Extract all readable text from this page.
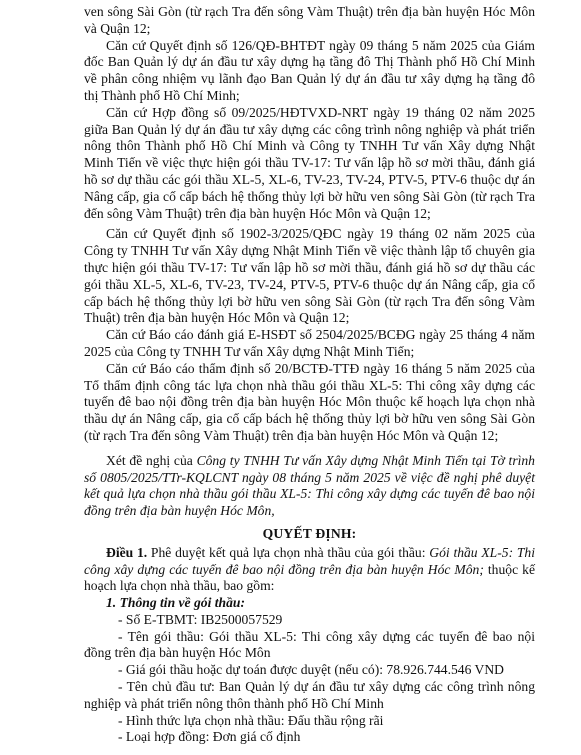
ven sông Sài Gòn (từ rạch Tra đến sông Vàm Thuật) trên địa bàn huyện Hóc Môn và Quận 12;

Căn cứ Quyết định số 126/QĐ-BHTĐT ngày 09 tháng 5 năm 2025 của Giám đốc Ban Quản lý dự án đầu tư xây dựng hạ tầng đô Thị Thành phố Hồ Chí Minh về phân công nhiệm vụ lãnh đạo Ban Quản lý dự án đầu tư xây dựng hạ tầng đô thị Thành phố Hồ Chí Minh;

Căn cứ Hợp đồng số 09/2025/HĐTVXD-NRT ngày 19 tháng 02 năm 2025 giữa Ban Quản lý dự án đầu tư xây dựng các công trình nông nghiệp và phát triển nông thôn Thành phố Hồ Chí Minh và Công ty TNHH Tư vấn Xây dựng Nhật Minh Tiến về việc thực hiện gói thầu TV-17: Tư vấn lập hồ sơ mời thầu, đánh giá hồ sơ dự thầu các gói thầu XL-5, XL-6, TV-23, TV-24, PTV-5, PTV-6 thuộc dự án Nâng cấp, gia cố cấp bách hệ thống thủy lợi bờ hữu ven sông Sài Gòn (từ rạch Tra đến sông Vàm Thuật) trên địa bàn huyện Hóc Môn và Quận 12;

Căn cứ Quyết định số 1902-3/2025/QĐC ngày 19 tháng 02 năm 2025 của Công ty TNHH Tư vấn Xây dựng Nhật Minh Tiến về việc thành lập tổ chuyên gia thực hiện gói thầu TV-17: Tư vấn lập hồ sơ mời thầu, đánh giá hồ sơ dự thầu các gói thầu XL-5, XL-6, TV-23, TV-24, PTV-5, PTV-6 thuộc dự án Nâng cấp, gia cố cấp bách hệ thống thủy lợi bờ hữu ven sông Sài Gòn (từ rạch Tra đến sông Vàm Thuật) trên địa bàn huyện Hóc Môn và Quận 12;

Căn cứ Báo cáo đánh giá E-HSĐT số 2504/2025/BCĐG ngày 25 tháng 4 năm 2025 của Công ty TNHH Tư vấn Xây dựng Nhật Minh Tiến;

Căn cứ Báo cáo thẩm định số 20/BCTĐ-TTĐ ngày 16 tháng 5 năm 2025 của Tổ thẩm định công tác lựa chọn nhà thầu gói thầu XL-5: Thi công xây dựng các tuyến đê bao nội đồng trên địa bàn huyện Hóc Môn thuộc kế hoạch lựa chọn nhà thầu dự án Nâng cấp, gia cố cấp bách hệ thống thủy lợi bờ hữu ven sông Sài Gòn (từ rạch Tra đến sông Vàm Thuật) trên địa bàn huyện Hóc Môn và Quận 12;

Xét đề nghị của Công ty TNHH Tư vấn Xây dựng Nhật Minh Tiến tại Tờ trình số 0805/2025/TTr-KQLCNT ngày 08 tháng 5 năm 2025 về việc đề nghị phê duyệt kết quả lựa chọn nhà thầu gói thầu XL-5: Thi công xây dựng các tuyến đê bao nội đồng trên địa bàn huyện Hóc Môn,

QUYẾT ĐỊNH:

Điều 1. Phê duyệt kết quả lựa chọn nhà thầu của gói thầu: Gói thầu XL-5: Thi công xây dựng các tuyến đê bao nội đồng trên địa bàn huyện Hóc Môn; thuộc kế hoạch lựa chọn nhà thầu, bao gồm:

1. Thông tin về gói thầu:

- Số E-TBMT: IB2500057529

- Tên gói thầu: Gói thầu XL-5: Thi công xây dựng các tuyến đê bao nội đồng trên địa bàn huyện Hóc Môn

- Giá gói thầu hoặc dự toán được duyệt (nếu có): 78.926.744.546 VND

- Tên chủ đầu tư: Ban Quản lý dự án đầu tư xây dựng các công trình nông nghiệp và phát triển nông thôn thành phố Hồ Chí Minh

- Hình thức lựa chọn nhà thầu: Đấu thầu rộng rãi

- Loại hợp đồng: Đơn giá cố định
